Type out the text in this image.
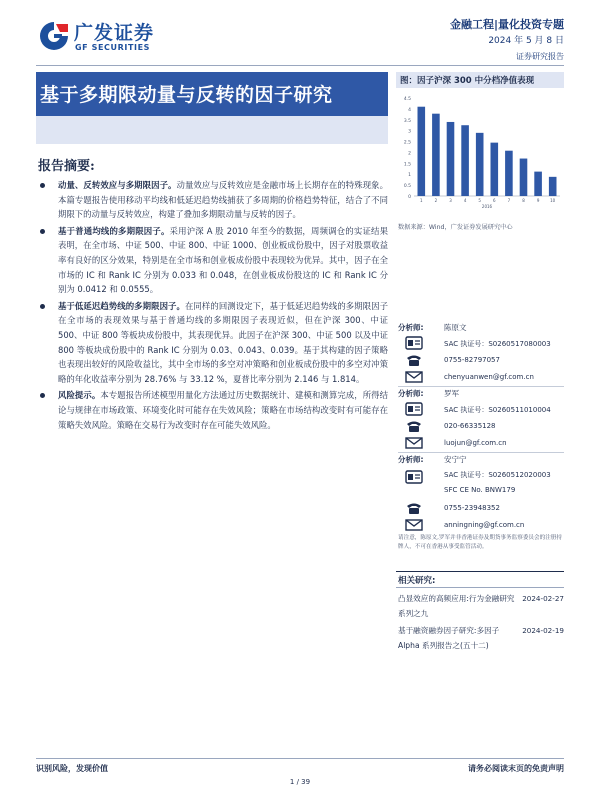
广发证券
GF SECURITIES
金融工程|量化投资专题
2024 年 5 月 8 日
证券研究报告
基于多期限动量与反转的因子研究
报告摘要:

动量、反转效应与多期限因子。动量效应与反转效应是金融市场上长期存在的特殊现象。本篇专题报告使用移动平均线和低延迟趋势线捕获了多周期的价格趋势特征，结合了不同期限下的动量与反转效应，构建了叠加多期限动量与反转的因子。

基于普通均线的多期限因子。采用沪深 A 股 2010 年至今的数据，周频调仓的实证结果表明，在全市场、中证 500、中证 800、中证 1000、创业板成份股中，因子对股票收益率有良好的区分效果，特别是在全市场和创业板成份股中表现较为优异。其中，因子在全市场的 IC 和 Rank IC 分别为 0.033 和 0.048，在创业板成份股这的 IC 和 Rank IC 分别为 0.0412 和 0.0555。

基于低延迟趋势线的多期限因子。在同样的回测设定下，基于低延迟趋势线的多期限因子在全市场的表现效果与基于普通均线的多期限因子表现近似，但在沪深 300、中证 500、中证 800 等板块成份股中，其表现优异。此因子在沪深 300、中证 500 以及中证 800 等板块成份股中的 Rank IC 分别为 0.03、0.043、0.039。基于其构建的因子策略也表现出较好的风险收益比，其中全市场的多空对冲策略和创业板成份股中的多空对冲策略的年化收益率分别为 28.76% 与 33.12 %，夏普比率分别为 2.146 与 1.814。

风险提示。本专题报告所述模型用量化方法通过历史数据统计、建模和测算完成，所得结论与规律在市场政策、环境变化时可能存在失效风险；策略在市场结构改变时有可能存在策略失效风险。策略在交易行为改变时存在可能失效风险。

图：因子沪深 300 中分档净值表现
0
0.5
1
1.5
2
2.5
3
3.5
4
4.5
1	2	3	4	5	6	7	8	9	10
2016
数据来源：Wind，广发证券发展研究中心
分析师:	陈原文
SAC 执证号：S0260517080003
0755-82797057
chenyuanwen@gf.com.cn
分析师:	罗军
SAC 执证号：S0260511010004
020-66335128
luojun@gf.com.cn
分析师:	安宁宁
SAC 执证号：S0260512020003
SFC CE No. BNW179
0755-23948352
anningning@gf.com.cn
请注意，陈原文,罗军并非香港证券及期货事务监察委员会的注册持牌人，不可在香港从事受监管活动。
相关研究:
凸显效应的高频应用:行为金融研究系列之九
2024-02-27
基于融资融券因子研究:多因子 Alpha 系列报告之(五十二)
2024-02-19
识别风险，发现价值	请务必阅读末页的免责声明
1 / 39
